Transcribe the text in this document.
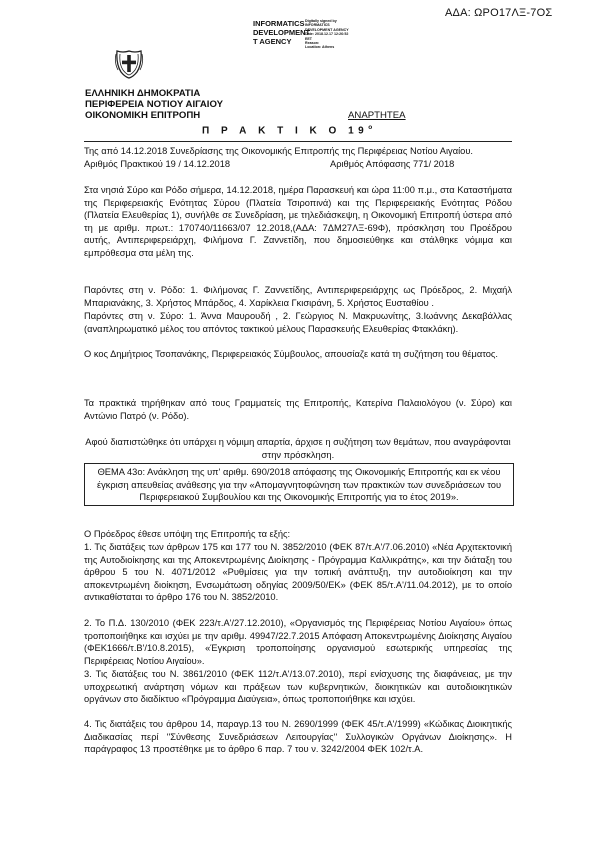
ΑΔΑ: ΩΡΟ17ΛΞ-7ΟΣ
INFORMATICS
DEVELOPMENT
T AGENCY
Digitally signed by
INFORMATICS
DEVELOPMENT AGENCY
Date: 2018.12.17 12:26:52
EET
Reason:
Location: Athens
ΕΛΛΗΝΙΚΗ ΔΗΜΟΚΡΑΤΙΑ
ΠΕΡΙΦΕΡΕΙΑ ΝΟΤΙΟΥ ΑΙΓΑΙΟΥ
ΟΙΚΟΝΟΜΙΚΗ ΕΠΙΤΡΟΠΗ	ΑΝΑΡΤΗΤΕΑ
Π Ρ Α Κ Τ Ι Κ Ο $19^o$
Της από 14.12.2018 Συνεδρίασης της Οικονομικής Επιτροπής της Περιφέρειας Νοτίου Αιγαίου.
Αριθμός Πρακτικού 19 / 14.12.2018	Αριθμός Απόφασης 771/ 2018
Στα νησιά Σύρο και Ρόδο σήμερα, 14.12.2018, ημέρα Παρασκευή και ώρα 11:00 π.μ., στα Καταστήματα της Περιφερειακής Ενότητας Σύρου (Πλατεία Τσιροπινά) και της Περιφερειακής Ενότητας Ρόδου (Πλατεία Ελευθερίας 1), συνήλθε σε Συνεδρίαση, με τηλεδιάσκεψη, η Οικονομική Επιτροπή ύστερα από τη με αριθμ. πρωτ.: 170740/11663/07 12.2018,(ΑΔΑ: 7ΔΜ27ΛΞ-69Φ), πρόσκληση του Προέδρου αυτής, Αντιπεριφερειάρχη, Φιλήμονα Γ. Ζαννετίδη, που δημοσιεύθηκε και στάλθηκε νόμιμα και εμπρόθεσμα στα μέλη της.
Παρόντες στη ν. Ρόδο: 1. Φιλήμονας Γ. Ζαννετίδης, Αντιπεριφερειάρχης ως Πρόεδρος, 2. Μιχαήλ Μπαριανάκης, 3. Χρήστος Μπάρδος, 4. Χαρίκλεια Γκισιράνη, 5. Χρήστος Ευσταθίου .
Παρόντες στη ν. Σύρο: 1. Άννα Μαυρουδή , 2. Γεώργιος Ν. Μακρυωνίτης, 3.Ιωάννης Δεκαβάλλας (αναπληρωματικό μέλος του απόντος τακτικού μέλους Παρασκευής Ελευθερίας Φτακλάκη).
Ο κος Δημήτριος Τσοπανάκης, Περιφερειακός Σύμβουλος, απουσίαζε κατά τη συζήτηση του θέματος.
Τα πρακτικά τηρήθηκαν από τους Γραμματείς της Επιτροπής, Κατερίνα Παλαιολόγου (ν. Σύρο) και Αντώνιο Πατρό (ν. Ρόδο).
Αφού διαπιστώθηκε ότι υπάρχει η νόμιμη απαρτία, άρχισε η συζήτηση των θεμάτων, που αναγράφονται στην πρόσκληση.
ΘΕΜΑ 43ο: Ανάκληση της υπ' αριθμ. 690/2018 απόφασης της Οικονομικής Επιτροπής και εκ νέου έγκριση απευθείας ανάθεσης για την «Απομαγνητοφώνηση των πρακτικών των συνεδριάσεων του Περιφερειακού Συμβουλίου και της Οικονομικής Επιτροπής για το έτος 2019».
Ο Πρόεδρος έθεσε υπόψη της Επιτροπής τα εξής:
1. Τις διατάξεις των άρθρων 175 και 177 του Ν. 3852/2010 (ΦΕΚ 87/τ.Α'/7.06.2010) «Νέα Αρχιτεκτονική της Αυτοδιοίκησης και της Αποκεντρωμένης Διοίκησης - Πρόγραμμα Καλλικράτης», και την διάταξη του άρθρου 5 του Ν. 4071/2012 «Ρυθμίσεις για την τοπική ανάπτυξη, την αυτοδιοίκηση και την αποκεντρωμένη διοίκηση, Ενσωμάτωση οδηγίας 2009/50/ΕΚ» (ΦΕΚ 85/τ.Α'/11.04.2012), με το οποίο αντικαθίσταται το άρθρο 176 του Ν. 3852/2010.
2. Το Π.Δ. 130/2010 (ΦΕΚ 223/τ.Α'/27.12.2010), «Οργανισμός της Περιφέρειας Νοτίου Αιγαίου» όπως τροποποιήθηκε και ισχύει με την αριθμ. 49947/22.7.2015 Απόφαση Αποκεντρωμένης Διοίκησης Αιγαίου (ΦΕΚ1666/τ.Β'/10.8.2015), «Έγκριση τροποποίησης οργανισμού εσωτερικής υπηρεσίας της Περιφέρειας Νοτίου Αιγαίου».
3. Τις διατάξεις του Ν. 3861/2010 (ΦΕΚ 112/τ.Α'/13.07.2010), περί ενίσχυσης της διαφάνειας, με την υποχρεωτική ανάρτηση νόμων και πράξεων των κυβερνητικών, διοικητικών και αυτοδιοικητικών οργάνων στο διαδίκτυο «Πρόγραμμα Διαύγεια», όπως τροποποιήθηκε και ισχύει.
4. Τις διατάξεις του άρθρου 14, παραγρ.13 του Ν. 2690/1999 (ΦΕΚ 45/τ.Α'/1999) «Κώδικας Διοικητικής Διαδικασίας περί ''Σύνθεσης Συνεδριάσεων Λειτουργίας'' Συλλογικών Οργάνων Διοίκησης». Η παράγραφος 13 προστέθηκε με το άρθρο 6 παρ. 7 του ν. 3242/2004 ΦΕΚ 102/τ.Α.
